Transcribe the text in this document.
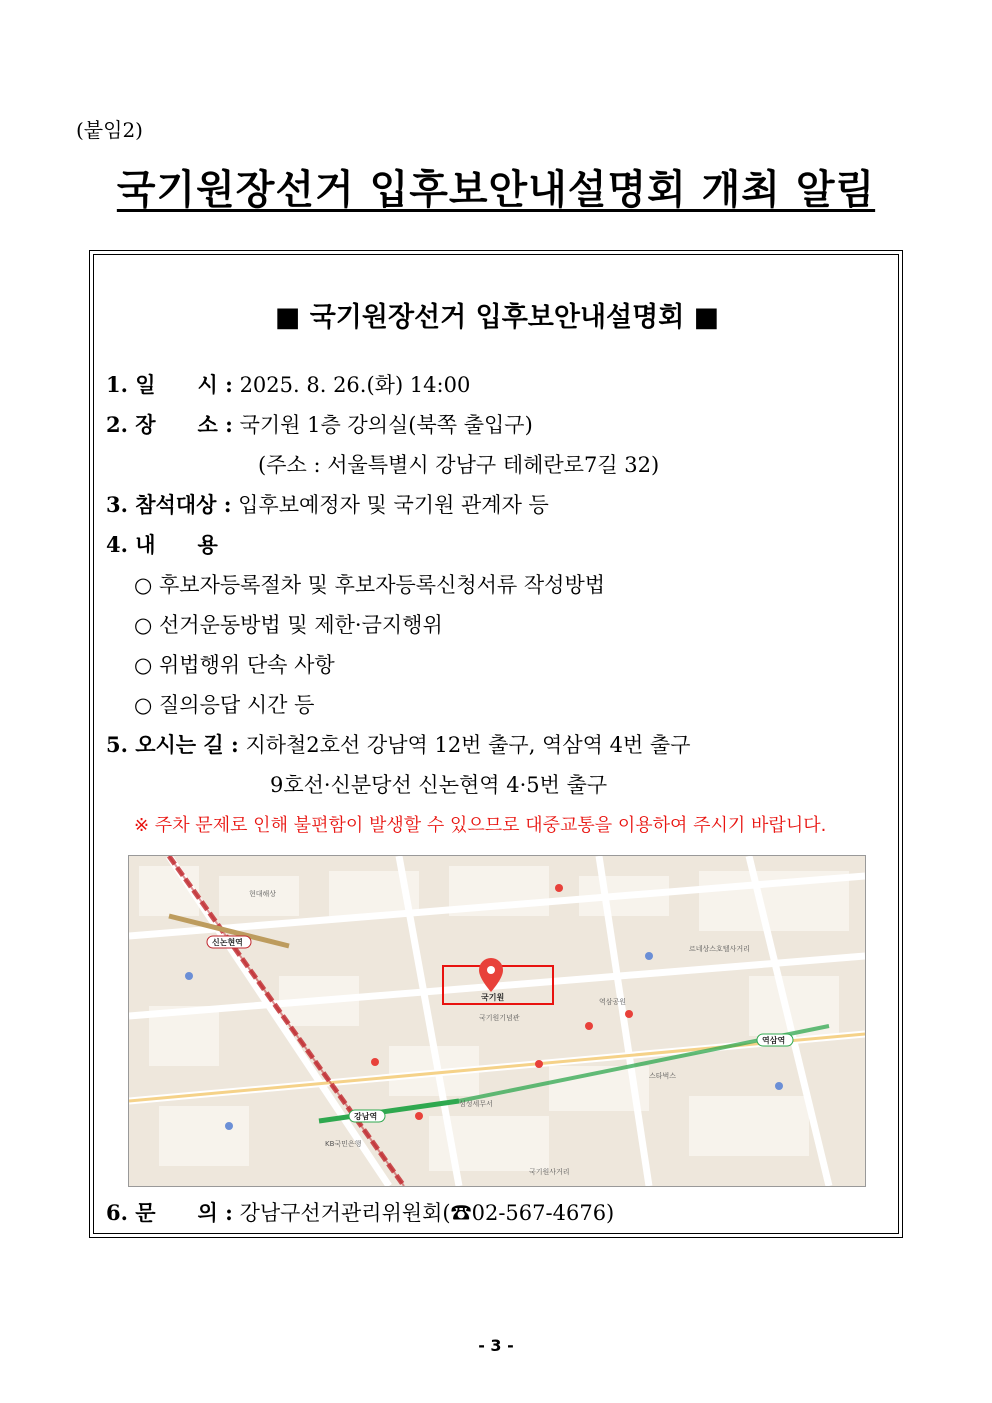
(붙임2)
국기원장선거 입후보안내설명회 개최 알림
■ 국기원장선거 입후보안내설명회 ■
1. 일　　시 : 2025. 8. 26.(화) 14:00
2. 장　　소 : 국기원 1층 강의실(북쪽 출입구)
(주소 : 서울특별시 강남구 테헤란로7길 32)
3. 참석대상 : 입후보예정자 및 국기원 관계자 등
4. 내　　용
○ 후보자등록절차 및 후보자등록신청서류 작성방법
○ 선거운동방법 및 제한·금지행위
○ 위법행위 단속 사항
○ 질의응답 시간 등
5. 오시는 길 : 지하철2호선 강남역 12번 출구, 역삼역 4번 출구
9호선·신분당선 신논현역 4·5번 출구
※ 주차 문제로 인해 불편함이 발생할 수 있으므로 대중교통을 이용하여 주시기 바랍니다.
신논현역
강남역
역삼역
국기원기념관
역삼공원
섬성세무서
현대해상
스타벅스
KB국민은행
르네상스호텔사거리
국기원사거리
국기원
6. 문　　의 : 강남구선거관리위원회(☎02-567-4676)
- 3 -
